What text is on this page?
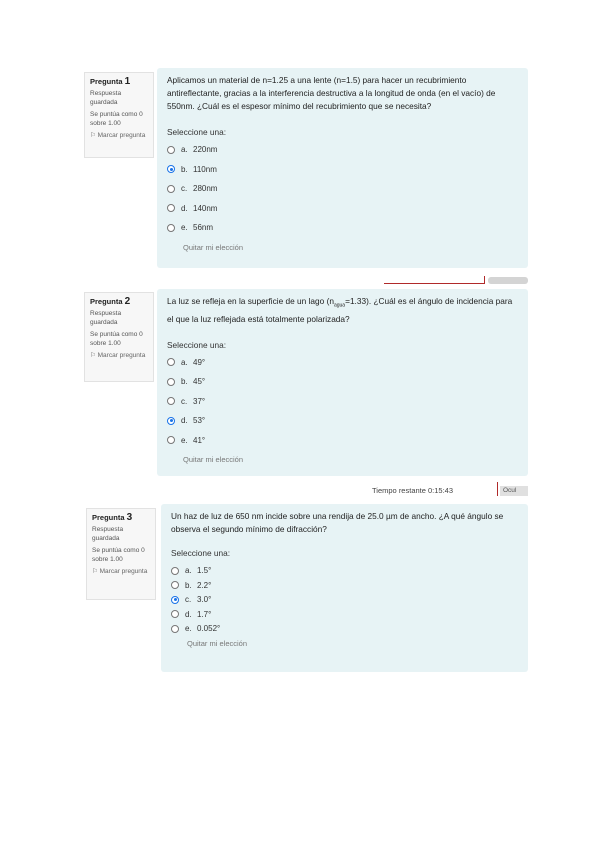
Pregunta 1
Respuesta guardada
Se puntúa como 0 sobre 1.00
⚐ Marcar pregunta

Aplicamos un material de n=1.25 a una lente (n=1.5) para hacer un recubrimiento antireflectante, gracias a la interferencia destructiva a la longitud de onda (en el vacío) de 550nm. ¿Cuál es el espesor mínimo del recubrimiento que se necesita?

Seleccione una:
a. 220nm
b. 110nm
c. 280nm
d. 140nm
e. 56nm
Quitar mi elección
Pregunta 2
Respuesta guardada
Se puntúa como 0 sobre 1.00
⚐ Marcar pregunta

La luz se refleja en la superficie de un lago $(n_{agua}=1.33)$. ¿Cuál es el ángulo de incidencia para el que la luz reflejada está totalmente polarizada?

Seleccione una:
a. 49°
b. 45°
c. 37°
d. 53°
e. 41°
Quitar mi elección
Tiempo restante 0:15:43	Ocul
Pregunta 3
Respuesta guardada
Se puntúa como 0 sobre 1.00
⚐ Marcar pregunta

Un haz de luz de 650 nm incide sobre una rendija de 25.0 µm de ancho. ¿A qué ángulo se observa el segundo mínimo de difracción?

Seleccione una:
a. 1.5°
b. 2.2°
c. 3.0°
d. 1.7°
e. 0.052°
Quitar mi elección
